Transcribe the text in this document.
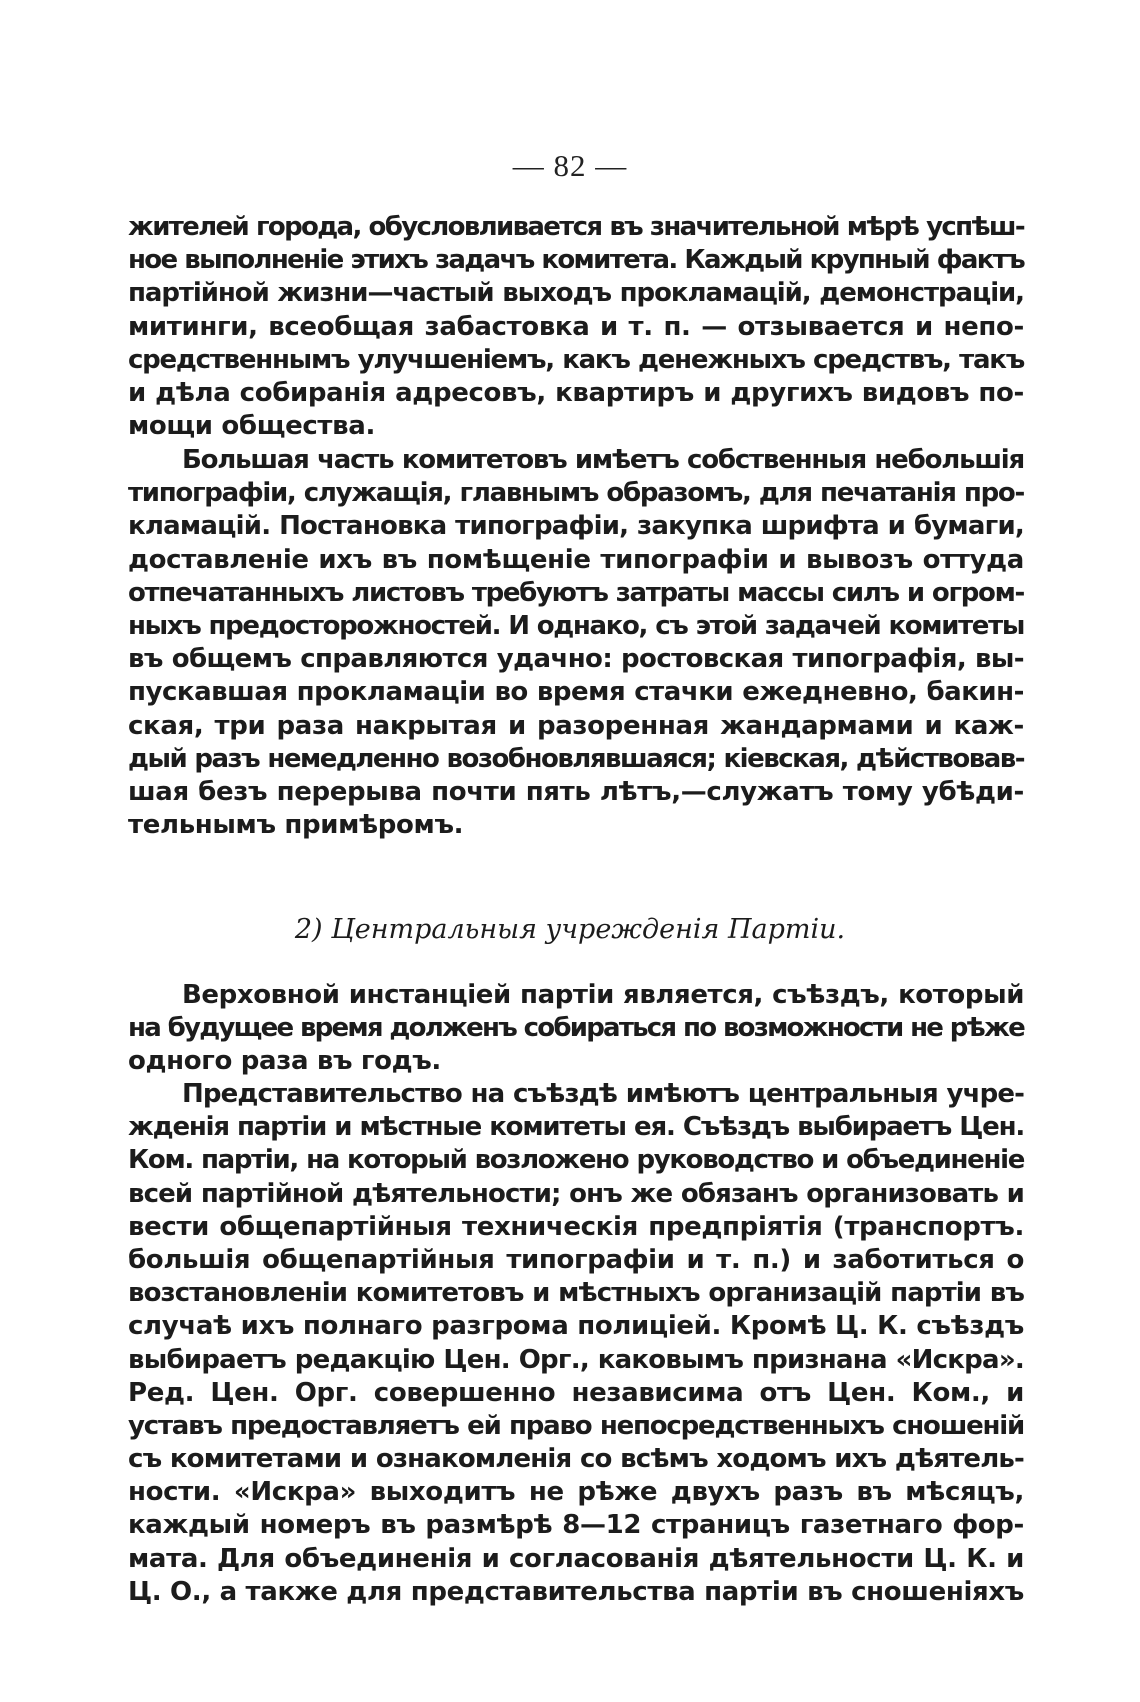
— 82 —
жителей города, обусловливается въ значительной мѣрѣ успѣш-
ное выполненіе этихъ задачъ комитета. Каждый крупный фактъ
партійной жизни—частый выходъ прокламацій, демонстраціи,
митинги, всеобщая забастовка и т. п. — отзывается и непо-
средственнымъ улучшеніемъ, какъ денежныхъ средствъ, такъ
и дѣла собиранія адресовъ, квартиръ и другихъ видовъ по-
мощи общества.
Большая часть комитетовъ имѣетъ собственныя небольшія
типографіи, служащія, главнымъ образомъ, для печатанія про-
кламацій. Постановка типографіи, закупка шрифта и бумаги,
доставленіе ихъ въ помѣщеніе типографіи и вывозъ оттуда
отпечатанныхъ листовъ требуютъ затраты массы силъ и огром-
ныхъ предосторожностей. И однако, съ этой задачей комитеты
въ общемъ справляются удачно: ростовская типографія, вы-
пускавшая прокламаціи во время стачки ежедневно, бакин-
ская, три раза накрытая и разоренная жандармами и каж-
дый разъ немедленно возобновлявшаяся; кіевская, дѣйствовав-
шая безъ перерыва почти пять лѣтъ,—служатъ тому убѣди-
тельнымъ примѣромъ.
2) Центральныя учрежденія Партіи.
Верховной инстанціей партіи является, съѣздъ, который
на будущее время долженъ собираться по возможности не рѣже
одного раза въ годъ.
Представительство на съѣздѣ имѣютъ центральныя учре-
жденія партіи и мѣстные комитеты ея. Съѣздъ выбираетъ Цен.
Ком. партіи, на который возложено руководство и объединеніе
всей партійной дѣятельности; онъ же обязанъ организовать и
вести общепартійныя техническія предпріятія (транспортъ.
большія общепартійныя типографіи и т. п.) и заботиться о
возстановленіи комитетовъ и мѣстныхъ организацій партіи въ
случаѣ ихъ полнаго разгрома полиціей. Кромѣ Ц. К. съѣздъ
выбираетъ редакцію Цен. Орг., каковымъ признана «Искра».
Ред. Цен. Орг. совершенно независима отъ Цен. Ком., и
уставъ предоставляетъ ей право непосредственныхъ сношеній
съ комитетами и ознакомленія со всѣмъ ходомъ ихъ дѣятель-
ности. «Искра» выходитъ не рѣже двухъ разъ въ мѣсяцъ,
каждый номеръ въ размѣрѣ 8—12 страницъ газетнаго фор-
мата. Для объединенія и согласованія дѣятельности Ц. К. и
Ц. О., а также для представительства партіи въ сношеніяхъ
